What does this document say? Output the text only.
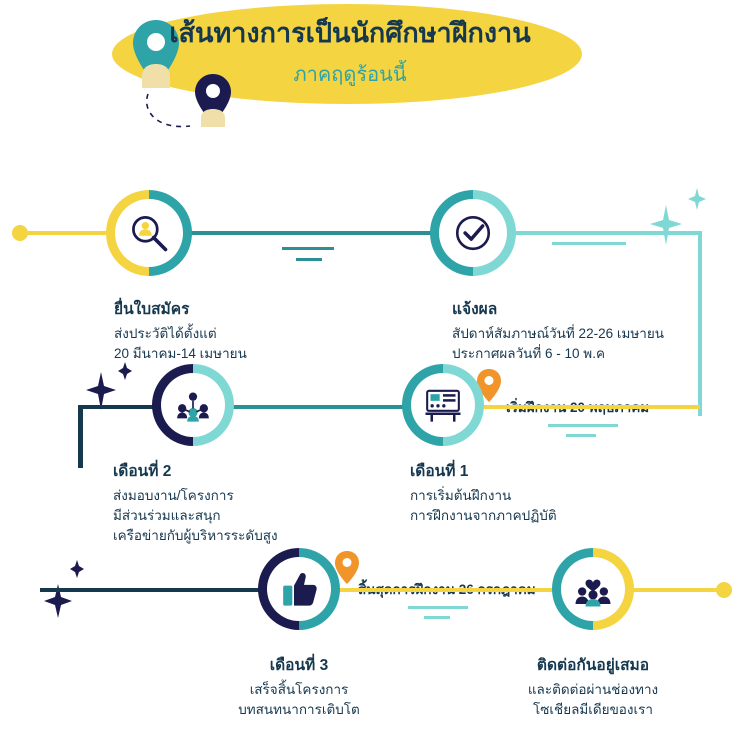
เส้นทางการเป็นนักศึกษาฝึกงาน
ภาคฤดูร้อนนี้
ยื่นใบสมัคร
ส่งประวัติได้ตั้งแต่
20 มีนาคม-14 เมษายน
แจ้งผล
สัปดาห์สัมภาษณ์วันที่ 22-26 เมษายน
ประกาศผลวันที่ 6 - 10 พ.ค
เดือนที่ 2
ส่งมอบงาน/โครงการ
มีส่วนร่วมและสนุก
เครือข่ายกับผู้บริหารระดับสูง
เดือนที่ 1
การเริ่มต้นฝึกงาน
การฝึกงานจากภาคปฏิบัติ
เดือนที่ 3
เสร็จสิ้นโครงการ
บทสนทนาการเติบโต
ติดต่อกันอยู่เสมอ
และติดต่อผ่านช่องทาง
โซเชียลมีเดียของเรา
